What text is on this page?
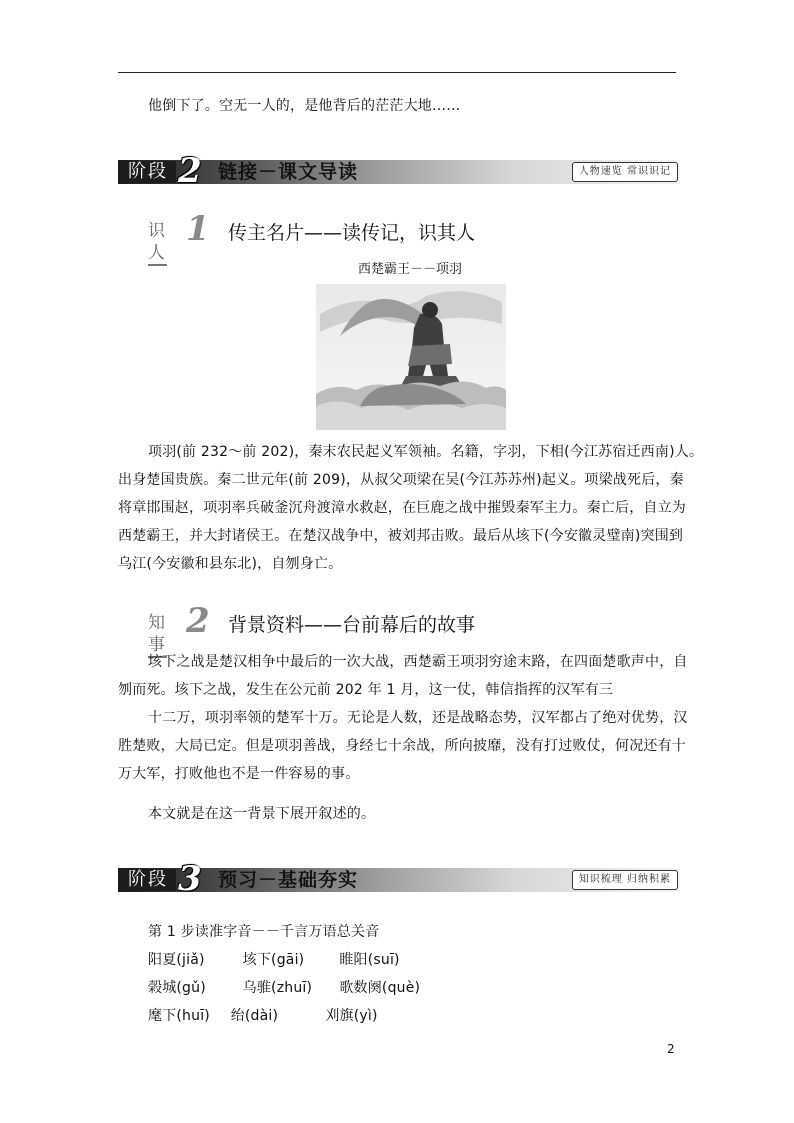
他倒下了。空无一人的，是他背后的茫茫大地……
阶段 2 链接－课文导读	人物速览 常识识记
识人
1 传主名片——读传记，识其人
西楚霸王－－项羽
项羽(前 232～前 202)，秦末农民起义军领袖。名籍，字羽，下相(今江苏宿迁西南)人。
出身楚国贵族。秦二世元年(前 209)，从叔父项梁在吴(今江苏苏州)起义。项梁战死后，秦
将章邯围赵，项羽率兵破釜沉舟渡漳水救赵，在巨鹿之战中摧毁秦军主力。秦亡后，自立为
西楚霸王，并大封诸侯王。在楚汉战争中，被刘邦击败。最后从垓下(今安徽灵璧南)突围到
乌江(今安徽和县东北)，自刎身亡。
知事
2 背景资料——台前幕后的故事
垓下之战是楚汉相争中最后的一次大战，西楚霸王项羽穷途末路，在四面楚歌声中，自
刎而死。垓下之战，发生在公元前 202 年 1 月，这一仗，韩信指挥的汉军有三
十二万，项羽率领的楚军十万。无论是人数，还是战略态势，汉军都占了绝对优势，汉
胜楚败，大局已定。但是项羽善战，身经七十余战，所向披靡，没有打过败仗，何况还有十
万大军，打败他也不是一件容易的事。
本文就是在这一背景下展开叙述的。
阶段 3 预习－基础夯实	知识梳理 归纳积累
第 1 步读准字音－－千言万语总关音
阳夏(jiǎ)	垓下(gāi) 睢阳(suī)
榖城(gǔ)	乌骓(zhuī) 歌数阕(què)
麾下(huī) 绐(dài)	刈旗(yì)
2
